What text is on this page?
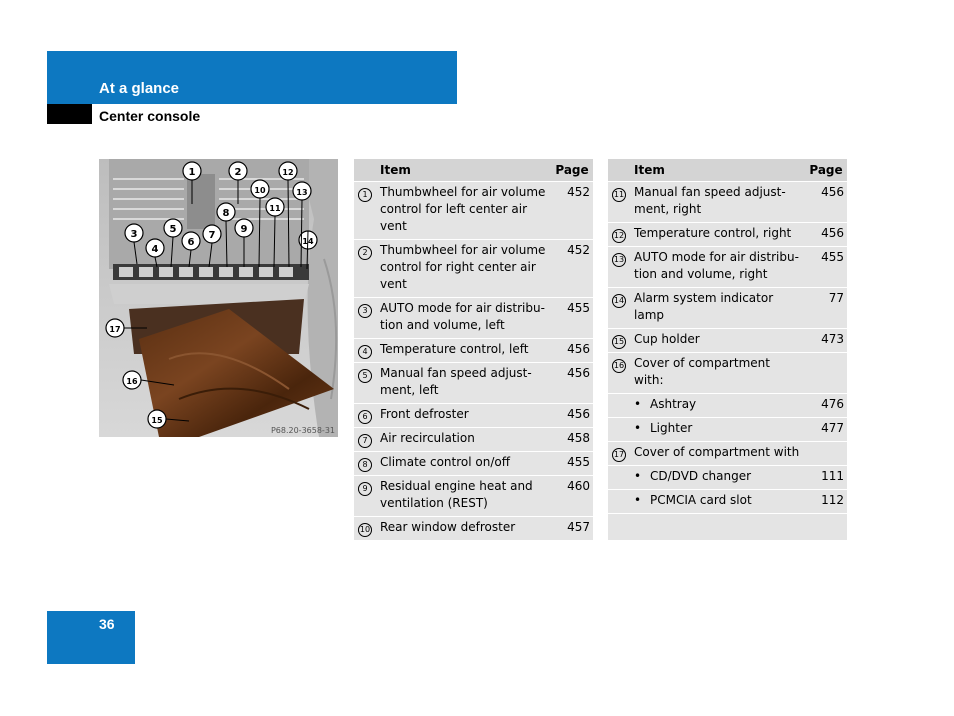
At a glance
Center console
1	2
3
4
5
6
7
8
9
10
11
12
13
14
15
16
17
P68.20-3658-31
	Item	Page
1	Thumbwheel for air volume control for left center air vent	452
2	Thumbwheel for air volume control for right center air vent	452
3	AUTO mode for air distribu-tion and volume, left	455
4	Temperature control, left	456
5	Manual fan speed adjust-ment, left	456
6	Front defroster	456
7	Air recirculation	458
8	Climate control on/off	455
9	Residual engine heat and ventilation (REST)	460
10	Rear window defroster	457
	Item	Page
11	Manual fan speed adjust-ment, right	456
12	Temperature control, right	456
13	AUTO mode for air distribu-tion and volume, right	455
14	Alarm system indicator lamp	77
15	Cup holder	473
16	Cover of compartment with:	
	• Ashtray	476
	• Lighter	477
17	Cover of compartment with	
	• CD/DVD changer	111
	• PCMCIA card slot	112

36
